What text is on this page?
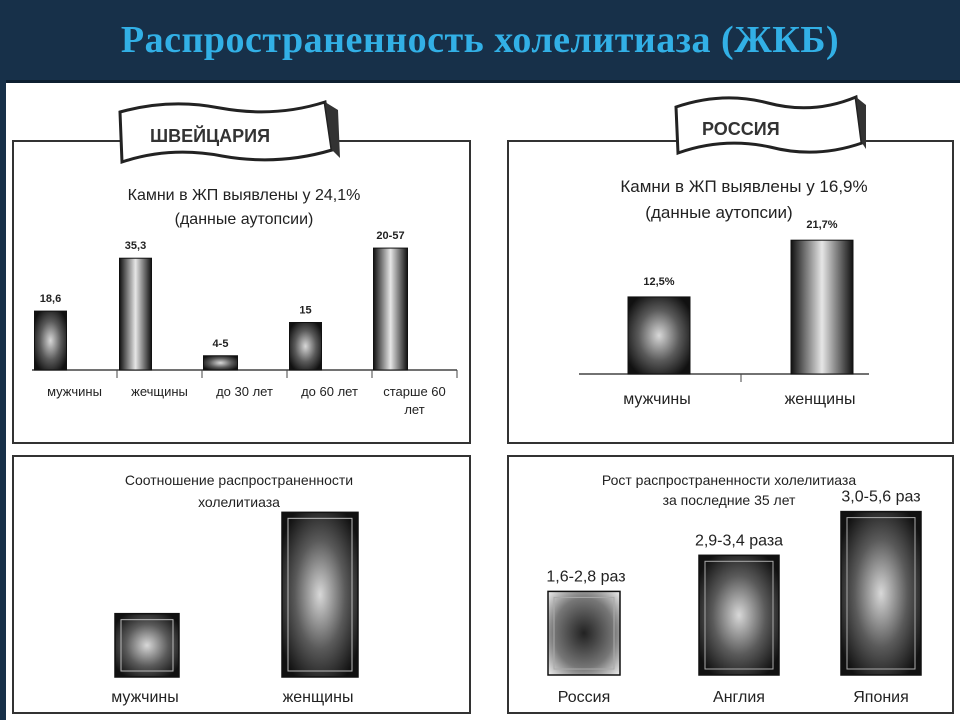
Распространенность холелитиаза (ЖКБ)
Камни в ЖП выявлены у 24,1%
(данные аутопсии)
18,6
мужчины
35,3
жечщины
4-5
до 30 лет
15
до 60 лет
20-57
старше 60
лет
ШВЕЙЦАРИЯ
Камни в ЖП выявлены у 16,9%
(данные аутопсии)
12,5%
мужчины
21,7%
женщины
РОССИЯ
Соотношение распространенности
холелитиаза
мужчины	женщины
Рост распространенности холелитиаза
за последние 35 лет
1,6-2,8 раз
Россия
2,9-3,4 раза
Англия
3,0-5,6 раз
Япония
